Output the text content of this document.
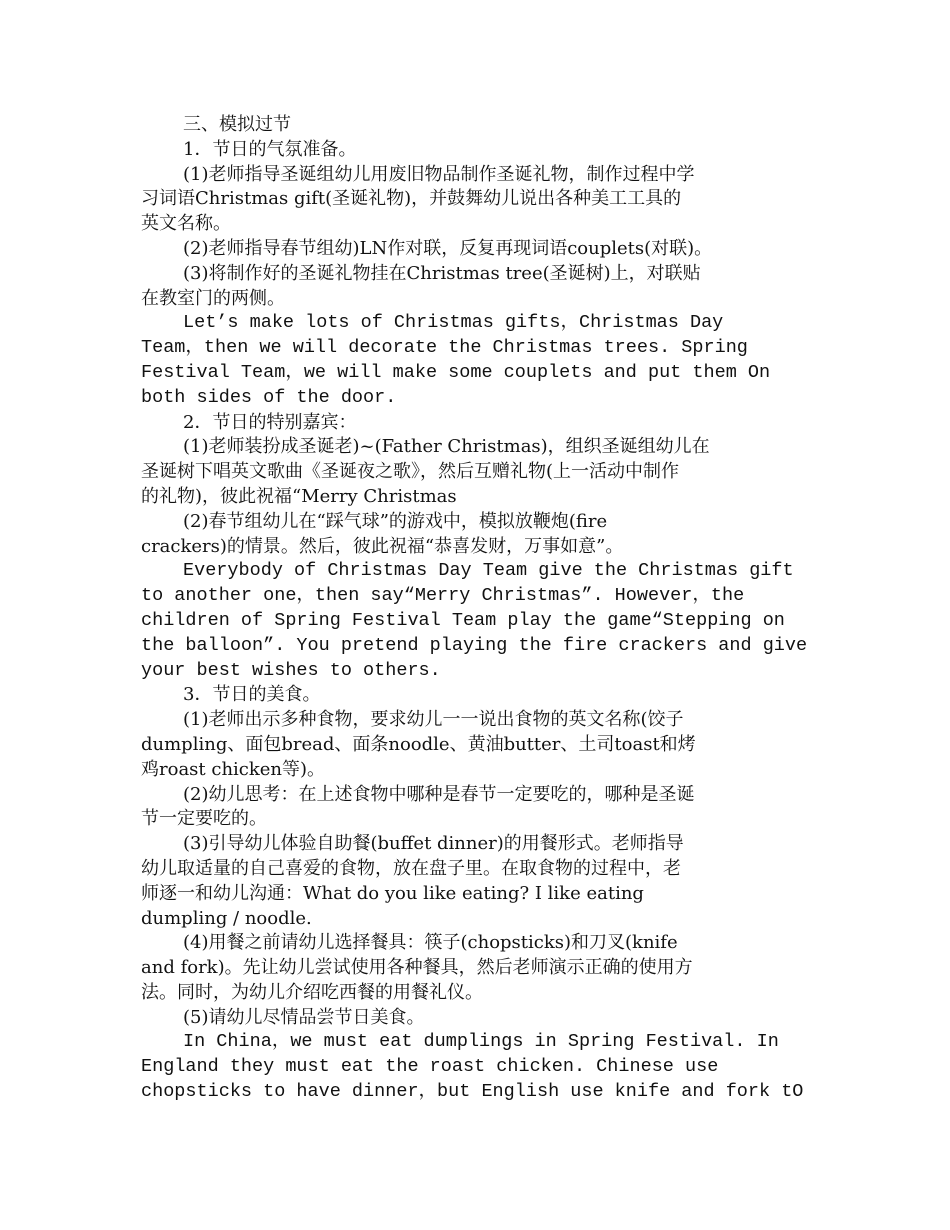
三、模拟过节
1．节日的气氛准备。
(1)老师指导圣诞组幼儿用废旧物品制作圣诞礼物，制作过程中学
习词语Christmas gift(圣诞礼物)，并鼓舞幼儿说出各种美工工具的
英文名称。
(2)老师指导春节组幼)LN作对联，反复再现词语couplets(对联)。
(3)将制作好的圣诞礼物挂在Christmas tree(圣诞树)上，对联贴
在教室门的两侧。
Let’s make lots of Christmas gifts，Christmas Day
Team，then we will decorate the Christmas trees. Spring
Festival Team，we will make some couplets and put them On
both sides of the door.
2．节日的特别嘉宾：
(1)老师装扮成圣诞老)~(Father Christmas)，组织圣诞组幼儿在
圣诞树下唱英文歌曲《圣诞夜之歌》，然后互赠礼物(上一活动中制作
的礼物)，彼此祝福“Merry Christmas
(2)春节组幼儿在“踩气球”的游戏中，模拟放鞭炮(fire
crackers)的情景。然后，彼此祝福“恭喜发财，万事如意”。
Everybody of Christmas Day Team give the Christmas gift
to another one，then say“Merry Christmas”. However，the
children of Spring Festival Team play the game“Stepping on
the balloon”. You pretend playing the fire crackers and give
your best wishes to others.
3．节日的美食。
(1)老师出示多种食物，要求幼儿一一说出食物的英文名称(饺子
dumpling、面包bread、面条noodle、黄油butter、土司toast和烤
鸡roast chicken等)。
(2)幼儿思考：在上述食物中哪种是春节一定要吃的，哪种是圣诞
节一定要吃的。
(3)引导幼儿体验自助餐(buffet dinner)的用餐形式。老师指导
幼儿取适量的自己喜爱的食物，放在盘子里。在取食物的过程中，老
师逐一和幼儿沟通：What do you like eating? I like eating
dumpling / noodle.
(4)用餐之前请幼儿选择餐具：筷子(chopsticks)和刀叉(knife
and fork)。先让幼儿尝试使用各种餐具，然后老师演示正确的使用方
法。同时，为幼儿介绍吃西餐的用餐礼仪。
(5)请幼儿尽情品尝节日美食。
In China，we must eat dumplings in Spring Festival. In
England they must eat the roast chicken. Chinese use
chopsticks to have dinner，but English use knife and fork tO
